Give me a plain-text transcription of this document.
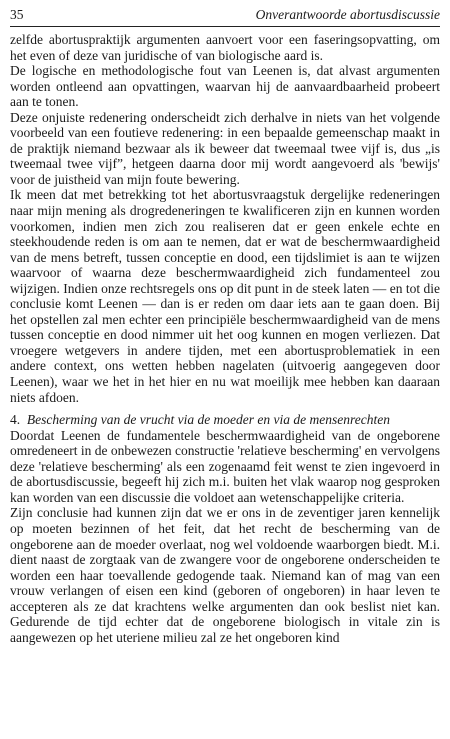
35	Onverantwoorde abortusdiscussie

zelfde abortuspraktijk argumenten aanvoert voor een faseringsopvatting, om het even of deze van juridische of van biologische aard is.

De logische en methodologische fout van Leenen is, dat alvast argumenten worden ontleend aan opvattingen, waarvan hij de aanvaardbaarheid probeert aan te tonen.

Deze onjuiste redenering onderscheidt zich derhalve in niets van het volgende voorbeeld van een foutieve redenering: in een bepaalde gemeenschap maakt in de praktijk niemand bezwaar als ik beweer dat tweemaal twee vijf is, dus „is tweemaal twee vijf”, hetgeen daarna door mij wordt aangevoerd als 'bewijs' voor de juistheid van mijn foute bewering.

Ik meen dat met betrekking tot het abortusvraagstuk dergelijke redeneringen naar mijn mening als drogredeneringen te kwalificeren zijn en kunnen worden voorkomen, indien men zich zou realiseren dat er geen enkele echte en steekhoudende reden is om aan te nemen, dat er wat de beschermwaardigheid van de mens betreft, tussen conceptie en dood, een tijdslimiet is aan te wijzen waarvoor of waarna deze beschermwaardigheid zich fundamenteel zou wijzigen. Indien onze rechtsregels ons op dit punt in de steek laten — en tot die conclusie komt Leenen — dan is er reden om daar iets aan te gaan doen. Bij het opstellen zal men echter een principiële beschermwaardigheid van de mens tussen conceptie en dood nimmer uit het oog kunnen en mogen verliezen. Dat vroegere wetgevers in andere tijden, met een abortusproblematiek in een andere context, ons wetten hebben nagelaten (uitvoerig aangegeven door Leenen), waar we het in het hier en nu wat moeilijk mee hebben kan daaraan niets afdoen.

4. Bescherming van de vrucht via de moeder en via de mensenrechten

Doordat Leenen de fundamentele beschermwaardigheid van de ongeborene omredeneert in de onbewezen constructie 'relatieve bescherming' en vervolgens deze 'relatieve bescherming' als een zogenaamd feit wenst te zien ingevoerd in de abortusdiscussie, begeeft hij zich m.i. buiten het vlak waarop nog gesproken kan worden van een discussie die voldoet aan wetenschappelijke criteria.

Zijn conclusie had kunnen zijn dat we er ons in de zeventiger jaren kennelijk op moeten bezinnen of het feit, dat het recht de bescherming van de ongeborene aan de moeder overlaat, nog wel voldoende waarborgen biedt. M.i. dient naast de zorgtaak van de zwangere voor de ongeborene onderscheiden te worden een haar toevallende gedogende taak. Niemand kan of mag van een vrouw verlangen of eisen een kind (geboren of ongeboren) in haar leven te accepteren als ze dat krachtens welke argumenten dan ook beslist niet kan. Gedurende de tijd echter dat de ongeborene biologisch in vitale zin is aangewezen op het uteriene milieu zal ze het ongeboren kind
